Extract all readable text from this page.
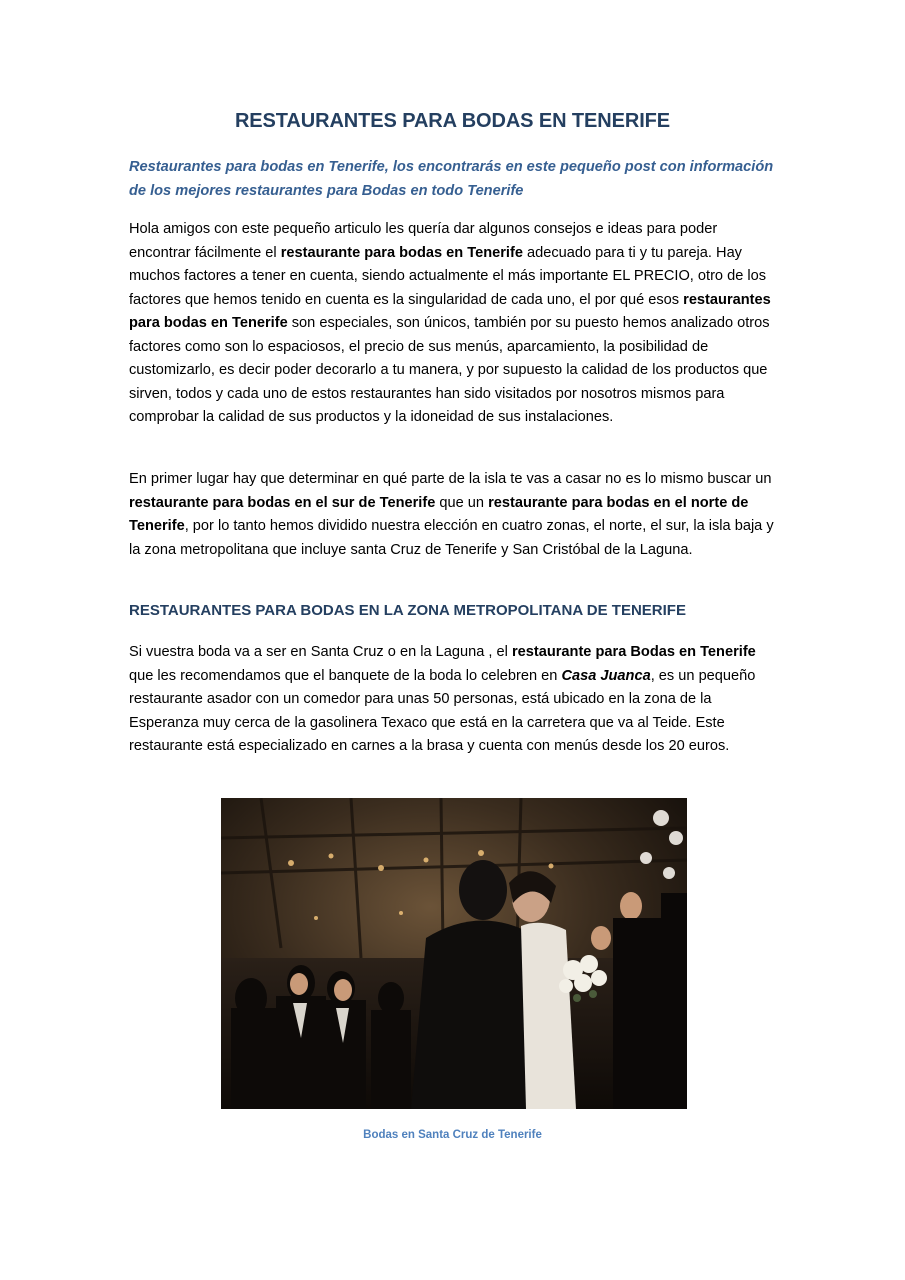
RESTAURANTES PARA BODAS EN TENERIFE
Restaurantes para bodas en Tenerife, los encontrarás en este pequeño post con información de los mejores restaurantes para Bodas en todo Tenerife
Hola amigos con este pequeño articulo les quería dar algunos consejos e ideas para poder encontrar fácilmente el restaurante para bodas en Tenerife adecuado para ti y tu pareja. Hay muchos factores a tener en cuenta, siendo actualmente el más importante EL PRECIO, otro de los factores que hemos tenido en cuenta es la singularidad de cada uno, el por qué esos restaurantes para bodas en Tenerife son especiales, son únicos, también por su puesto hemos analizado otros factores como son lo espaciosos, el precio de sus menús, aparcamiento, la posibilidad de customizarlo, es decir poder decorarlo a tu manera, y por supuesto la calidad de los productos que sirven, todos y cada uno de estos restaurantes han sido visitados por nosotros mismos para comprobar la calidad de sus productos y la idoneidad de sus instalaciones.
En primer lugar hay que determinar en qué parte de la isla te vas a casar no es lo mismo buscar un restaurante para bodas en el sur de Tenerife que un restaurante para bodas en el norte de Tenerife, por lo tanto hemos dividido nuestra elección en cuatro zonas, el norte, el sur, la isla baja y la zona metropolitana que incluye santa Cruz de Tenerife y San Cristóbal de la Laguna.
RESTAURANTES PARA BODAS EN LA ZONA METROPOLITANA DE TENERIFE
Si vuestra boda va a ser en Santa Cruz o en la Laguna , el restaurante para Bodas en Tenerife que les recomendamos que el banquete de la boda lo celebren en Casa Juanca, es un pequeño restaurante asador con un comedor para unas 50 personas, está ubicado en la zona de la Esperanza muy cerca de la gasolinera Texaco que está en la carretera que va al Teide. Este restaurante está especializado en carnes a la brasa y cuenta con menús desde los 20 euros.
Bodas en Santa Cruz de Tenerife
